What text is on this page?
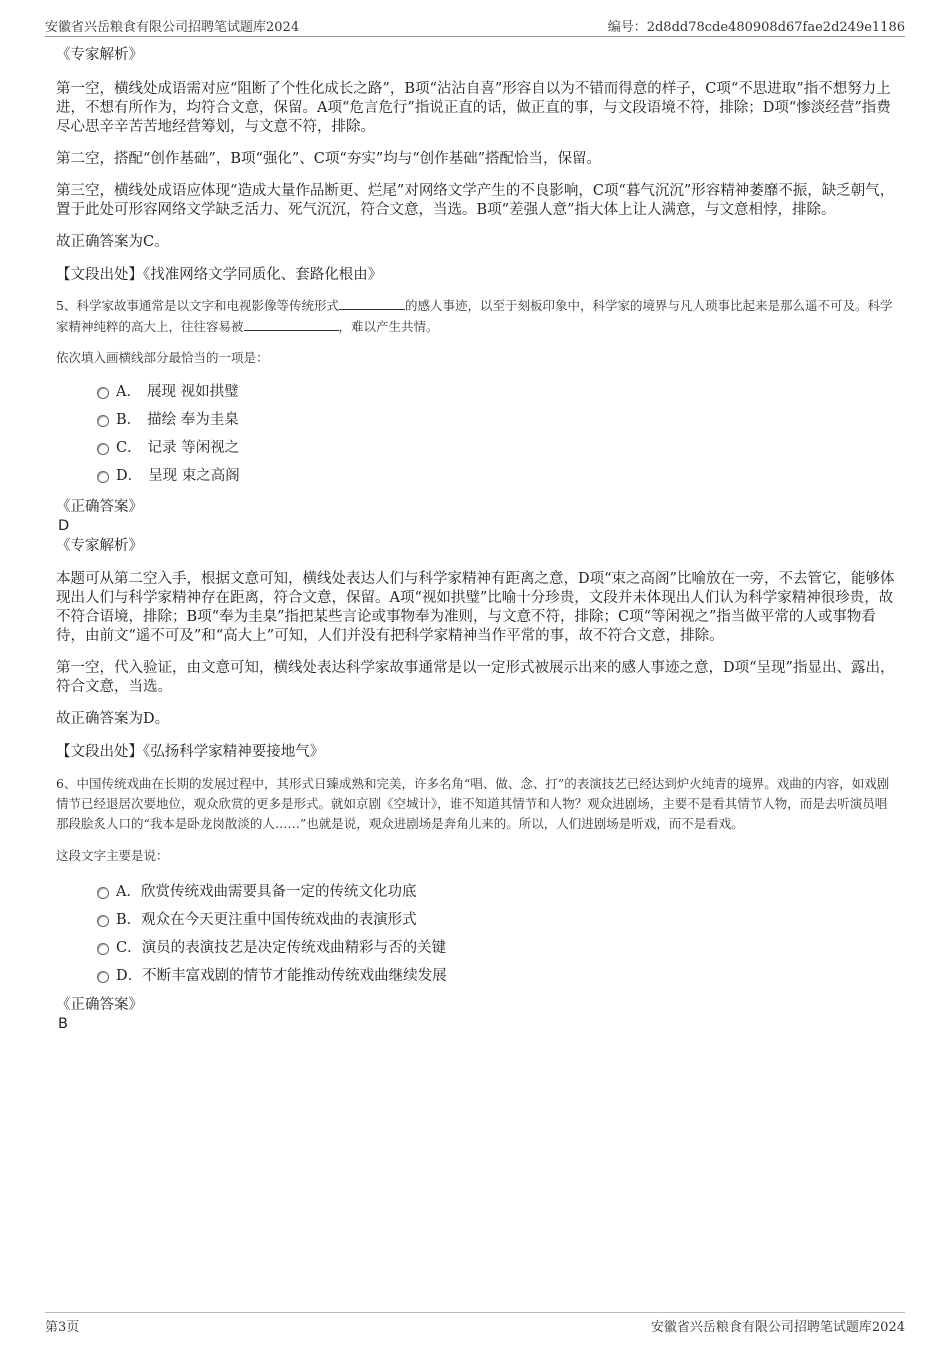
安徽省兴岳粮食有限公司招聘笔试题库2024	编号：2d8dd78cde480908d67fae2d249e1186

《专家解析》

第一空，横线处成语需对应“阻断了个性化成长之路”，B项“沾沾自喜”形容自以为不错而得意的样子，C项“不思进取”指不想努力上进，不想有所作为，均符合文意，保留。A项“危言危行”指说正直的话，做正直的事，与文段语境不符，排除；D项“惨淡经营”指费尽心思辛辛苦苦地经营筹划，与文意不符，排除。

第二空，搭配“创作基础”，B项“强化”、C项“夯实”均与“创作基础”搭配恰当，保留。

第三空，横线处成语应体现“造成大量作品断更、烂尾”对网络文学产生的不良影响，C项“暮气沉沉”形容精神萎靡不振，缺乏朝气，置于此处可形容网络文学缺乏活力、死气沉沉，符合文意，当选。B项“差强人意”指大体上让人满意，与文意相悖，排除。

故正确答案为C。

【文段出处】《找准网络文学同质化、套路化根由》

5、科学家故事通常是以文字和电视影像等传统形式	的感人事迹，以至于刻板印象中，科学家的境界与凡人琐事比起来是那么遥不可及。科学家精神纯粹的高大上，往往容易被	，难以产生共情。

依次填入画横线部分最恰当的一项是：

A． 展现 视如拱璧
B． 描绘 奉为圭臬
C． 记录 等闲视之
D． 呈现 束之高阁

《正确答案》

D

《专家解析》

本题可从第二空入手，根据文意可知，横线处表达人们与科学家精神有距离之意，D项“束之高阁”比喻放在一旁，不去管它，能够体现出人们与科学家精神存在距离，符合文意，保留。A项“视如拱璧”比喻十分珍贵，文段并未体现出人们认为科学家精神很珍贵，故不符合语境，排除；B项“奉为圭臬”指把某些言论或事物奉为准则，与文意不符，排除；C项“等闲视之”指当做平常的人或事物看待，由前文“遥不可及”和“高大上”可知，人们并没有把科学家精神当作平常的事，故不符合文意，排除。

第一空，代入验证，由文意可知，横线处表达科学家故事通常是以一定形式被展示出来的感人事迹之意，D项“呈现”指显出、露出，符合文意，当选。

故正确答案为D。

【文段出处】《弘扬科学家精神要接地气》

6、中国传统戏曲在长期的发展过程中，其形式日臻成熟和完美，许多名角“唱、做、念、打”的表演技艺已经达到炉火纯青的境界。戏曲的内容，如戏剧情节已经退居次要地位，观众欣赏的更多是形式。就如京剧《空城计》，谁不知道其情节和人物？观众进剧场，主要不是看其情节人物，而是去听演员唱那段脍炙人口的“我本是卧龙岗散淡的人……”也就是说，观众进剧场是奔角儿来的。所以，人们进剧场是听戏，而不是看戏。

这段文字主要是说：

A．欣赏传统戏曲需要具备一定的传统文化功底
B．观众在今天更注重中国传统戏曲的表演形式
C．演员的表演技艺是决定传统戏曲精彩与否的关键
D．不断丰富戏剧的情节才能推动传统戏曲继续发展

《正确答案》

B

第3页	安徽省兴岳粮食有限公司招聘笔试题库2024
